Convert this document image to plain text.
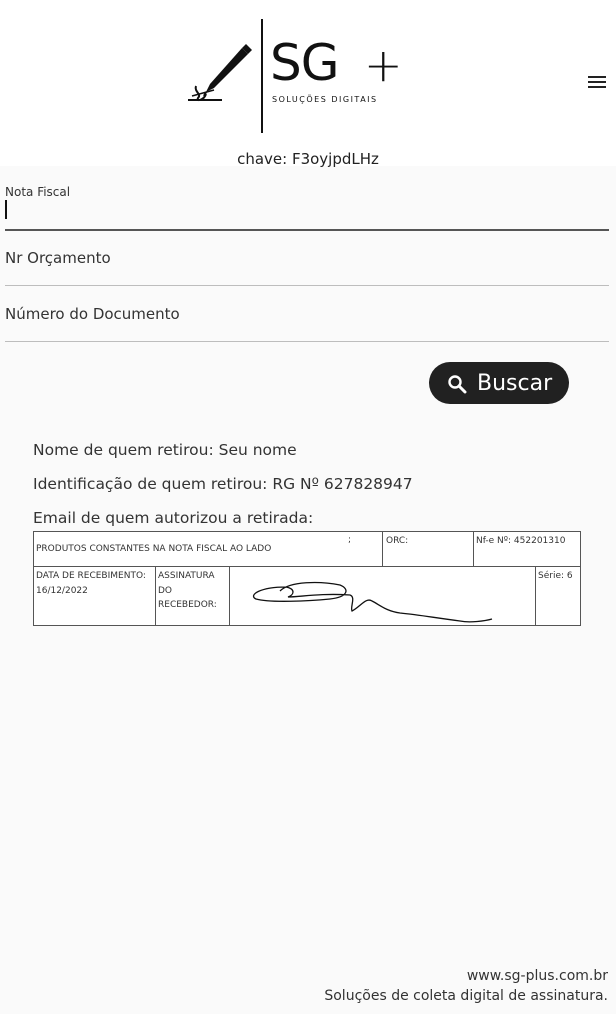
SG +
SOLUÇÕES DIGITAIS
chave: F3oyjpdLHz
Nota Fiscal
Nr Orçamento
Número do Documento
Buscar
Nome de quem retirou: Seu nome
Identificação de quem retirou: RG Nº 627828947
Email de quem autorizou a retirada:
PRODUTOS CONSTANTES NA NOTA FISCAL AO LADO
;	ORC:	Nf-e Nº: 452201310
DATA DE RECEBIMENTO:
16/12/2022
ASSINATURA
DO
RECEBEDOR:
Série: 6
www.sg-plus.com.br
Soluções de coleta digital de assinatura.
